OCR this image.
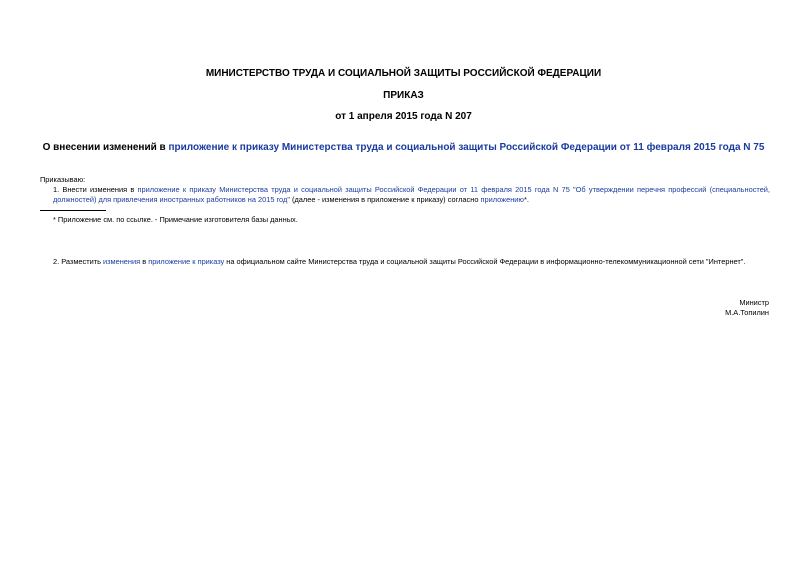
МИНИСТЕРСТВО ТРУДА И СОЦИАЛЬНОЙ ЗАЩИТЫ РОССИЙСКОЙ ФЕДЕРАЦИИ
ПРИКАЗ
от 1 апреля 2015 года N 207
О внесении изменений в приложение к приказу Министерства труда и социальной защиты Российской Федерации от 11 февраля 2015 года N 75
Приказываю:
1. Внести изменения в приложение к приказу Министерства труда и социальной защиты Российской Федерации от 11 февраля 2015 года N 75 "Об утверждении перечня профессий (специальностей, должностей) для привлечения иностранных работников на 2015 год" (далее - изменения в приложение к приказу) согласно приложению*.
* Приложение см. по ссылке. - Примечание изготовителя базы данных.
2. Разместить изменения в приложение к приказу на официальном сайте Министерства труда и социальной защиты Российской Федерации в информационно-телекоммуникационной сети "Интернет".
Министр
М.А.Топилин
